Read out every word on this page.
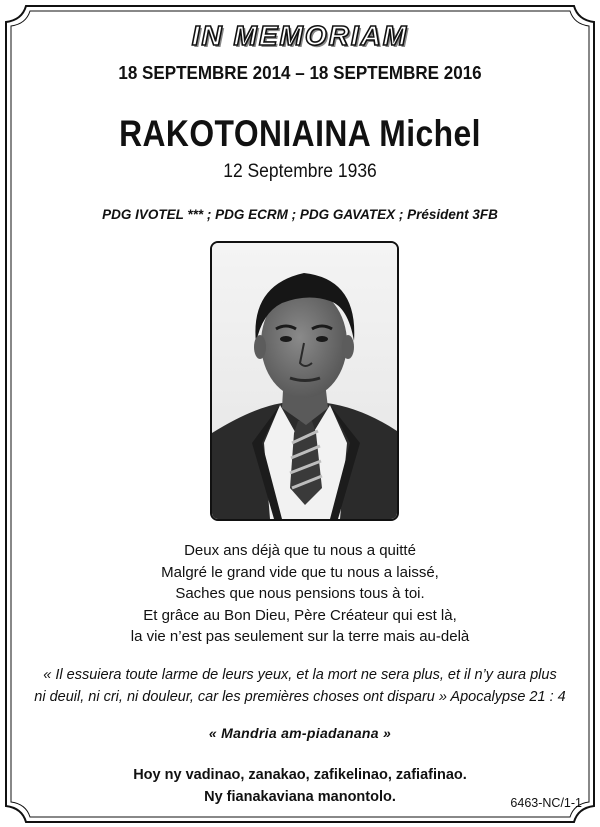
IN MEMORIAM
18 SEPTEMBRE 2014 – 18 SEPTEMBRE 2016
RAKOTONIAINA Michel
12 Septembre 1936
PDG IVOTEL *** ; PDG ECRM ; PDG GAVATEX ; Président 3FB
Deux ans déjà que tu nous a quitté
Malgré le grand vide que tu nous a laissé,
Saches que nous pensions tous à toi.
Et grâce au Bon Dieu, Père Créateur qui est là,
la vie n’est pas seulement sur la terre mais au-delà
« Il essuiera toute larme de leurs yeux, et la mort ne sera plus, et il n’y aura plus
ni deuil, ni cri, ni douleur, car les premières choses ont disparu » Apocalypse 21 : 4
« Mandria am-piadanana »
Hoy ny vadinao, zanakao, zafikelinao, zafiafinao.
Ny fianakaviana manontolo.	6463-NC/1-1
